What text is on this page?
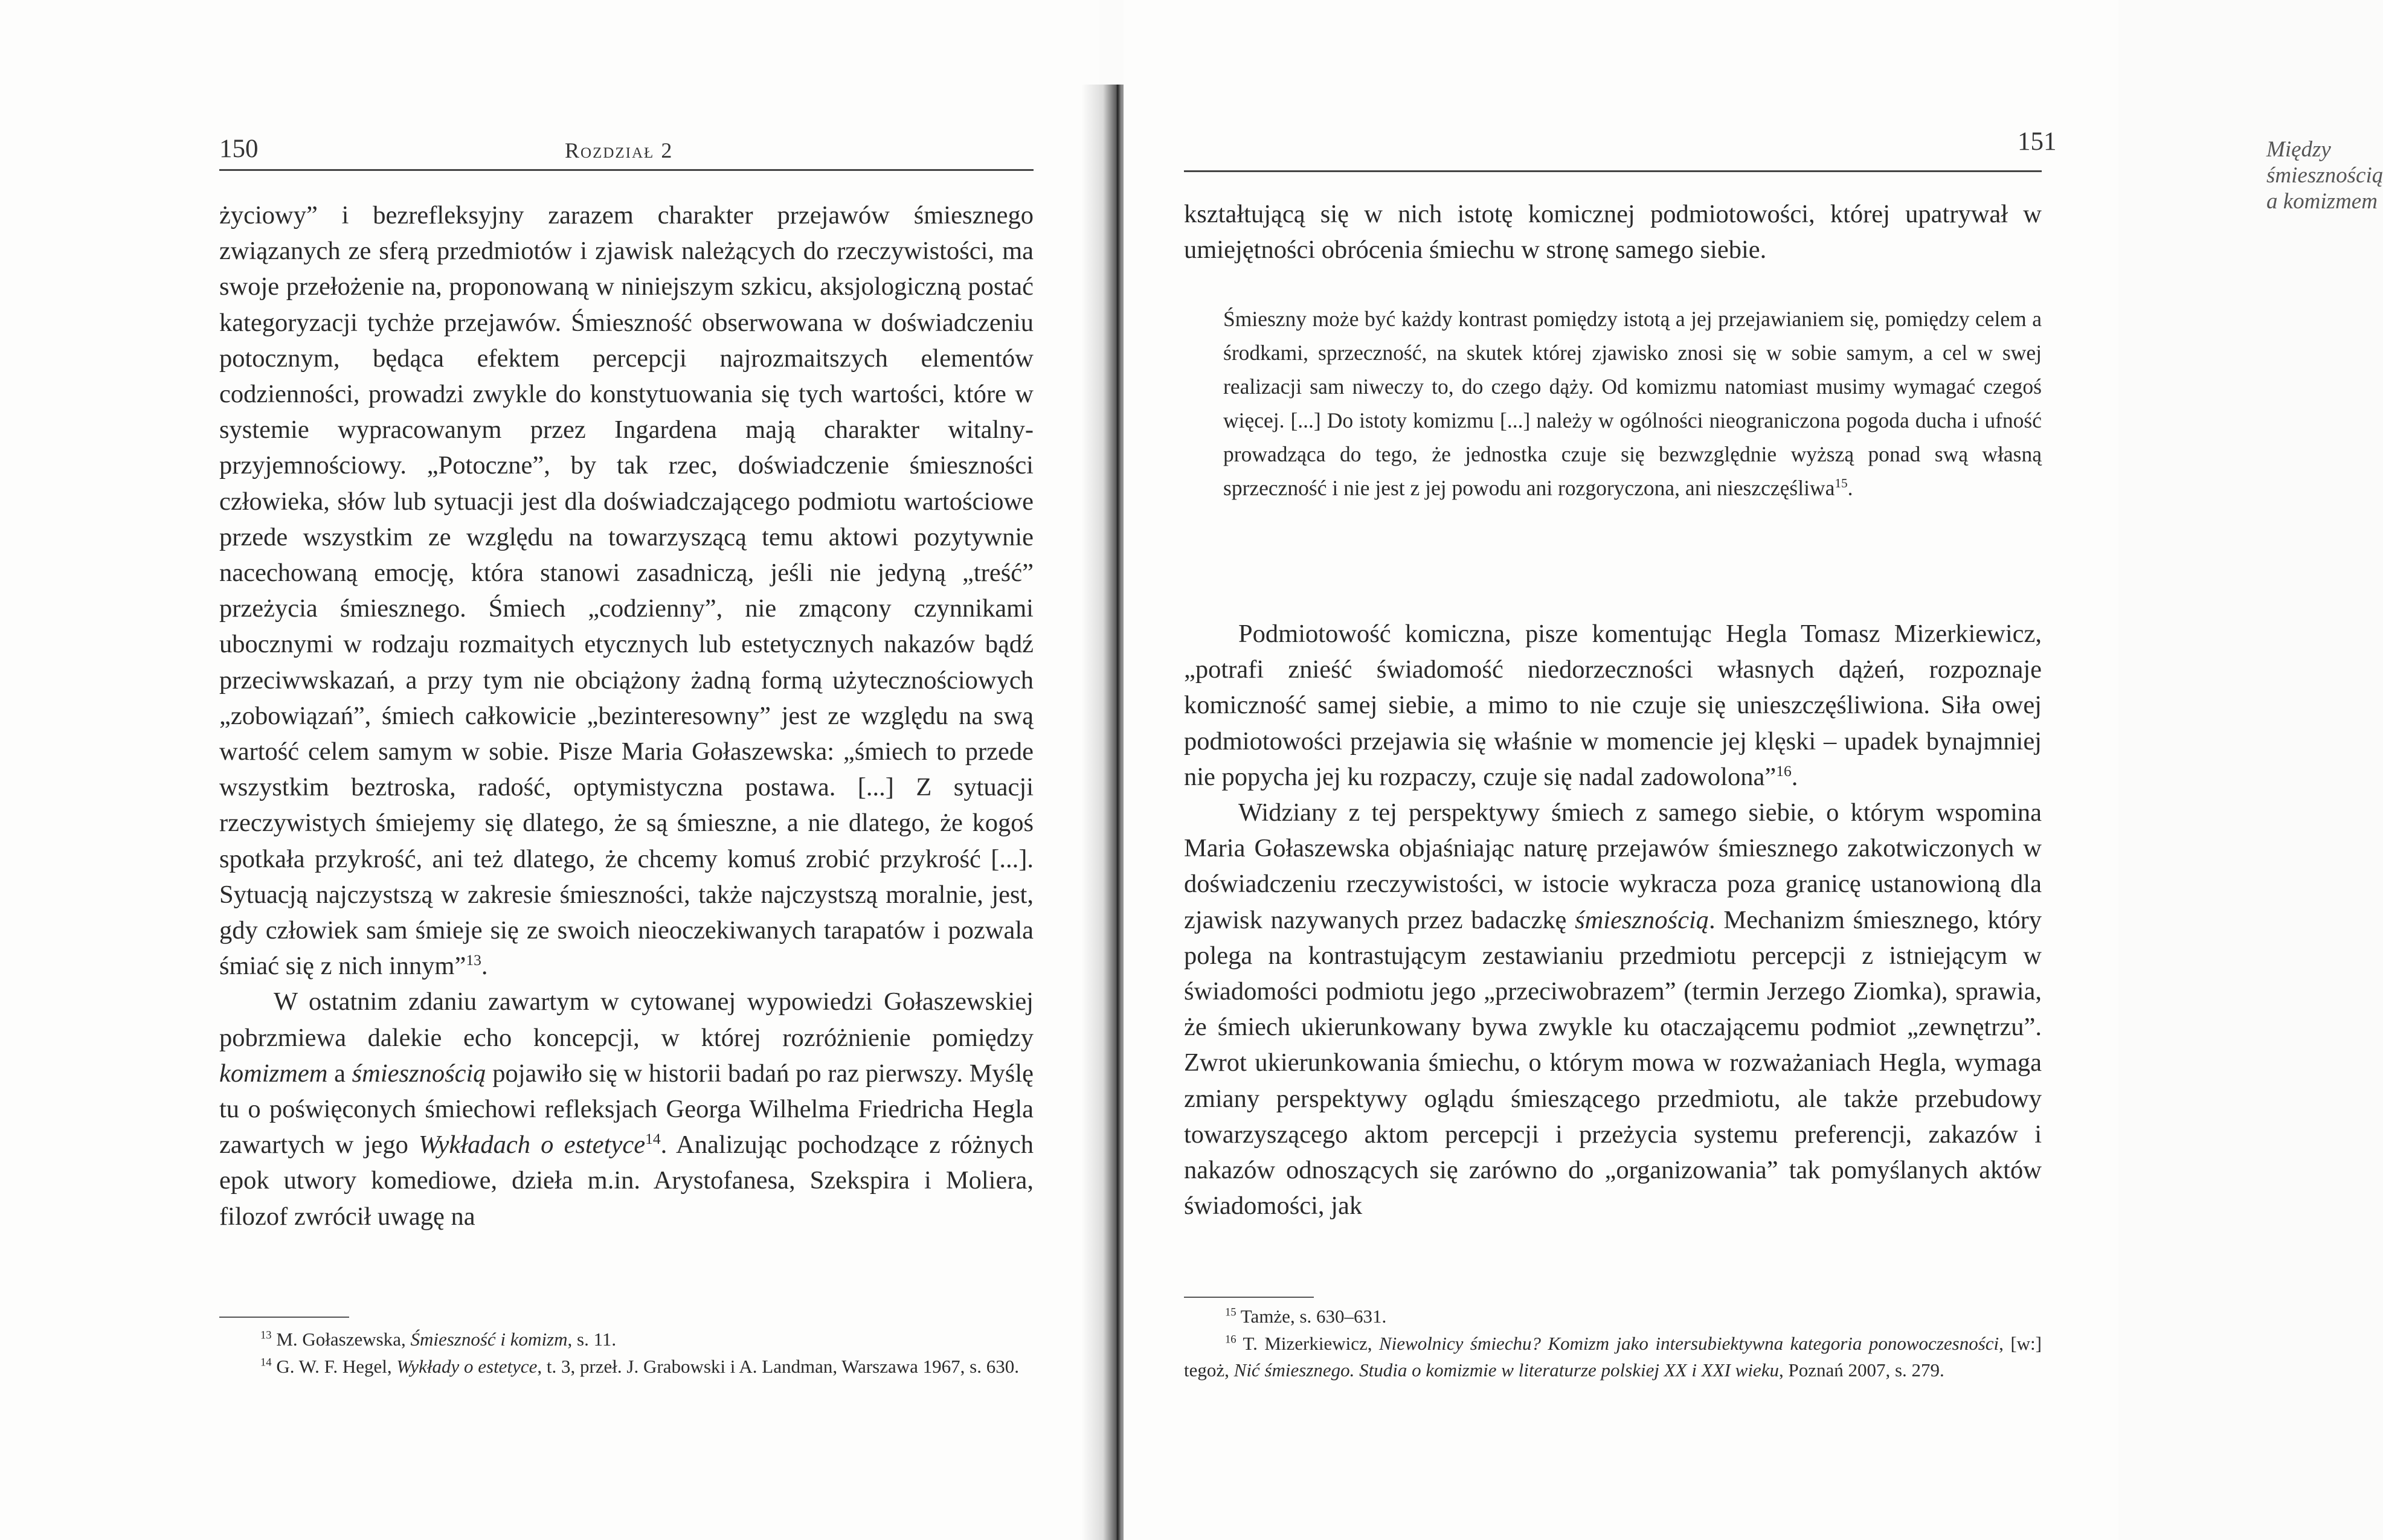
150	Rozdział 2

życiowy” i bezrefleksyjny zarazem charakter przejawów śmiesznego związanych ze sferą przedmiotów i zjawisk należących do rzeczywistości, ma swoje przełożenie na, proponowaną w niniejszym szkicu, aksjologiczną postać kategoryzacji tychże przejawów. Śmieszność obserwowana w doświadczeniu potocznym, będąca efektem percepcji najrozmaitszych elementów codzienności, prowadzi zwykle do konstytuowania się tych wartości, które w systemie wypracowanym przez Ingardena mają charakter witalny-przyjemnościowy. „Potoczne”, by tak rzec, doświadczenie śmieszności człowieka, słów lub sytuacji jest dla doświadczającego podmiotu wartościowe przede wszystkim ze względu na towarzyszącą temu aktowi pozytywnie nacechowaną emocję, która stanowi zasadniczą, jeśli nie jedyną „treść” przeżycia śmiesznego. Śmiech „codzienny”, nie zmącony czynnikami ubocznymi w rodzaju rozmaitych etycznych lub estetycznych nakazów bądź przeciwwskazań, a przy tym nie obciążony żadną formą użytecznościowych „zobowiązań”, śmiech całkowicie „bezinteresowny” jest ze względu na swą wartość celem samym w sobie. Pisze Maria Gołaszewska: „śmiech to przede wszystkim beztroska, radość, optymistyczna postawa. [...] Z sytuacji rzeczywistych śmiejemy się dlatego, że są śmieszne, a nie dlatego, że kogoś spotkała przykrość, ani też dlatego, że chcemy komuś zrobić przykrość [...]. Sytuacją najczystszą w zakresie śmieszności, także najczystszą moralnie, jest, gdy człowiek sam śmieje się ze swoich nieoczekiwanych tarapatów i pozwala śmiać się z nich innym”$^{13}$.

W ostatnim zdaniu zawartym w cytowanej wypowiedzi Gołaszewskiej pobrzmiewa dalekie echo koncepcji, w której rozróżnienie pomiędzy komizmem a śmiesznością pojawiło się w historii badań po raz pierwszy. Myślę tu o poświęconych śmiechowi refleksjach Georga Wilhelma Friedricha Hegla zawartych w jego Wykładach o estetyce$^{14}$. Analizując pochodzące z różnych epok utwory komediowe, dzieła m.in. Arystofanesa, Szekspira i Moliera, filozof zwrócił uwagę na

$^{13}$ M. Gołaszewska, Śmieszność i komizm, s. 11.

$^{14}$ G. W. F. Hegel, Wykłady o estetyce, t. 3, przeł. J. Grabowski i A. Landman, Warszawa 1967, s. 630.

Między śmiesznością a komizmem
151

kształtującą się w nich istotę komicznej podmiotowości, której upatrywał w umiejętności obrócenia śmiechu w stronę samego siebie.

Śmieszny może być każdy kontrast pomiędzy istotą a jej przejawianiem się, pomiędzy celem a środkami, sprzeczność, na skutek której zjawisko znosi się w sobie samym, a cel w swej realizacji sam niweczy to, do czego dąży. Od komizmu natomiast musimy wymagać czegoś więcej. [...] Do istoty komizmu [...] należy w ogólności nieograniczona pogoda ducha i ufność prowadząca do tego, że jednostka czuje się bezwzględnie wyższą ponad swą własną sprzeczność i nie jest z jej powodu ani rozgoryczona, ani nieszczęśliwa$^{15}$.

Podmiotowość komiczna, pisze komentując Hegla Tomasz Mizerkiewicz, „potrafi znieść świadomość niedorzeczności własnych dążeń, rozpoznaje komiczność samej siebie, a mimo to nie czuje się unieszczęśliwiona. Siła owej podmiotowości przejawia się właśnie w momencie jej klęski – upadek bynajmniej nie popycha jej ku rozpaczy, czuje się nadal zadowolona”$^{16}$.

Widziany z tej perspektywy śmiech z samego siebie, o którym wspomina Maria Gołaszewska objaśniając naturę przejawów śmiesznego zakotwiczonych w doświadczeniu rzeczywistości, w istocie wykracza poza granicę ustanowioną dla zjawisk nazywanych przez badaczkę śmiesznością. Mechanizm śmiesznego, który polega na kontrastującym zestawianiu przedmiotu percepcji z istniejącym w świadomości podmiotu jego „przeciwobrazem” (termin Jerzego Ziomka), sprawia, że śmiech ukierunkowany bywa zwykle ku otaczającemu podmiot „zewnętrzu”. Zwrot ukierunkowania śmiechu, o którym mowa w rozważaniach Hegla, wymaga zmiany perspektywy oglądu śmieszącego przedmiotu, ale także przebudowy towarzyszącego aktom percepcji i przeżycia systemu preferencji, zakazów i nakazów odnoszących się zarówno do „organizowania” tak pomyślanych aktów świadomości, jak

$^{15}$ Tamże, s. 630–631.

$^{16}$ T. Mizerkiewicz, Niewolnicy śmiechu? Komizm jako intersubiektywna kategoria ponowoczesności, [w:] tegoż, Nić śmiesznego. Studia o komizmie w literaturze polskiej XX i XXI wieku, Poznań 2007, s. 279.
